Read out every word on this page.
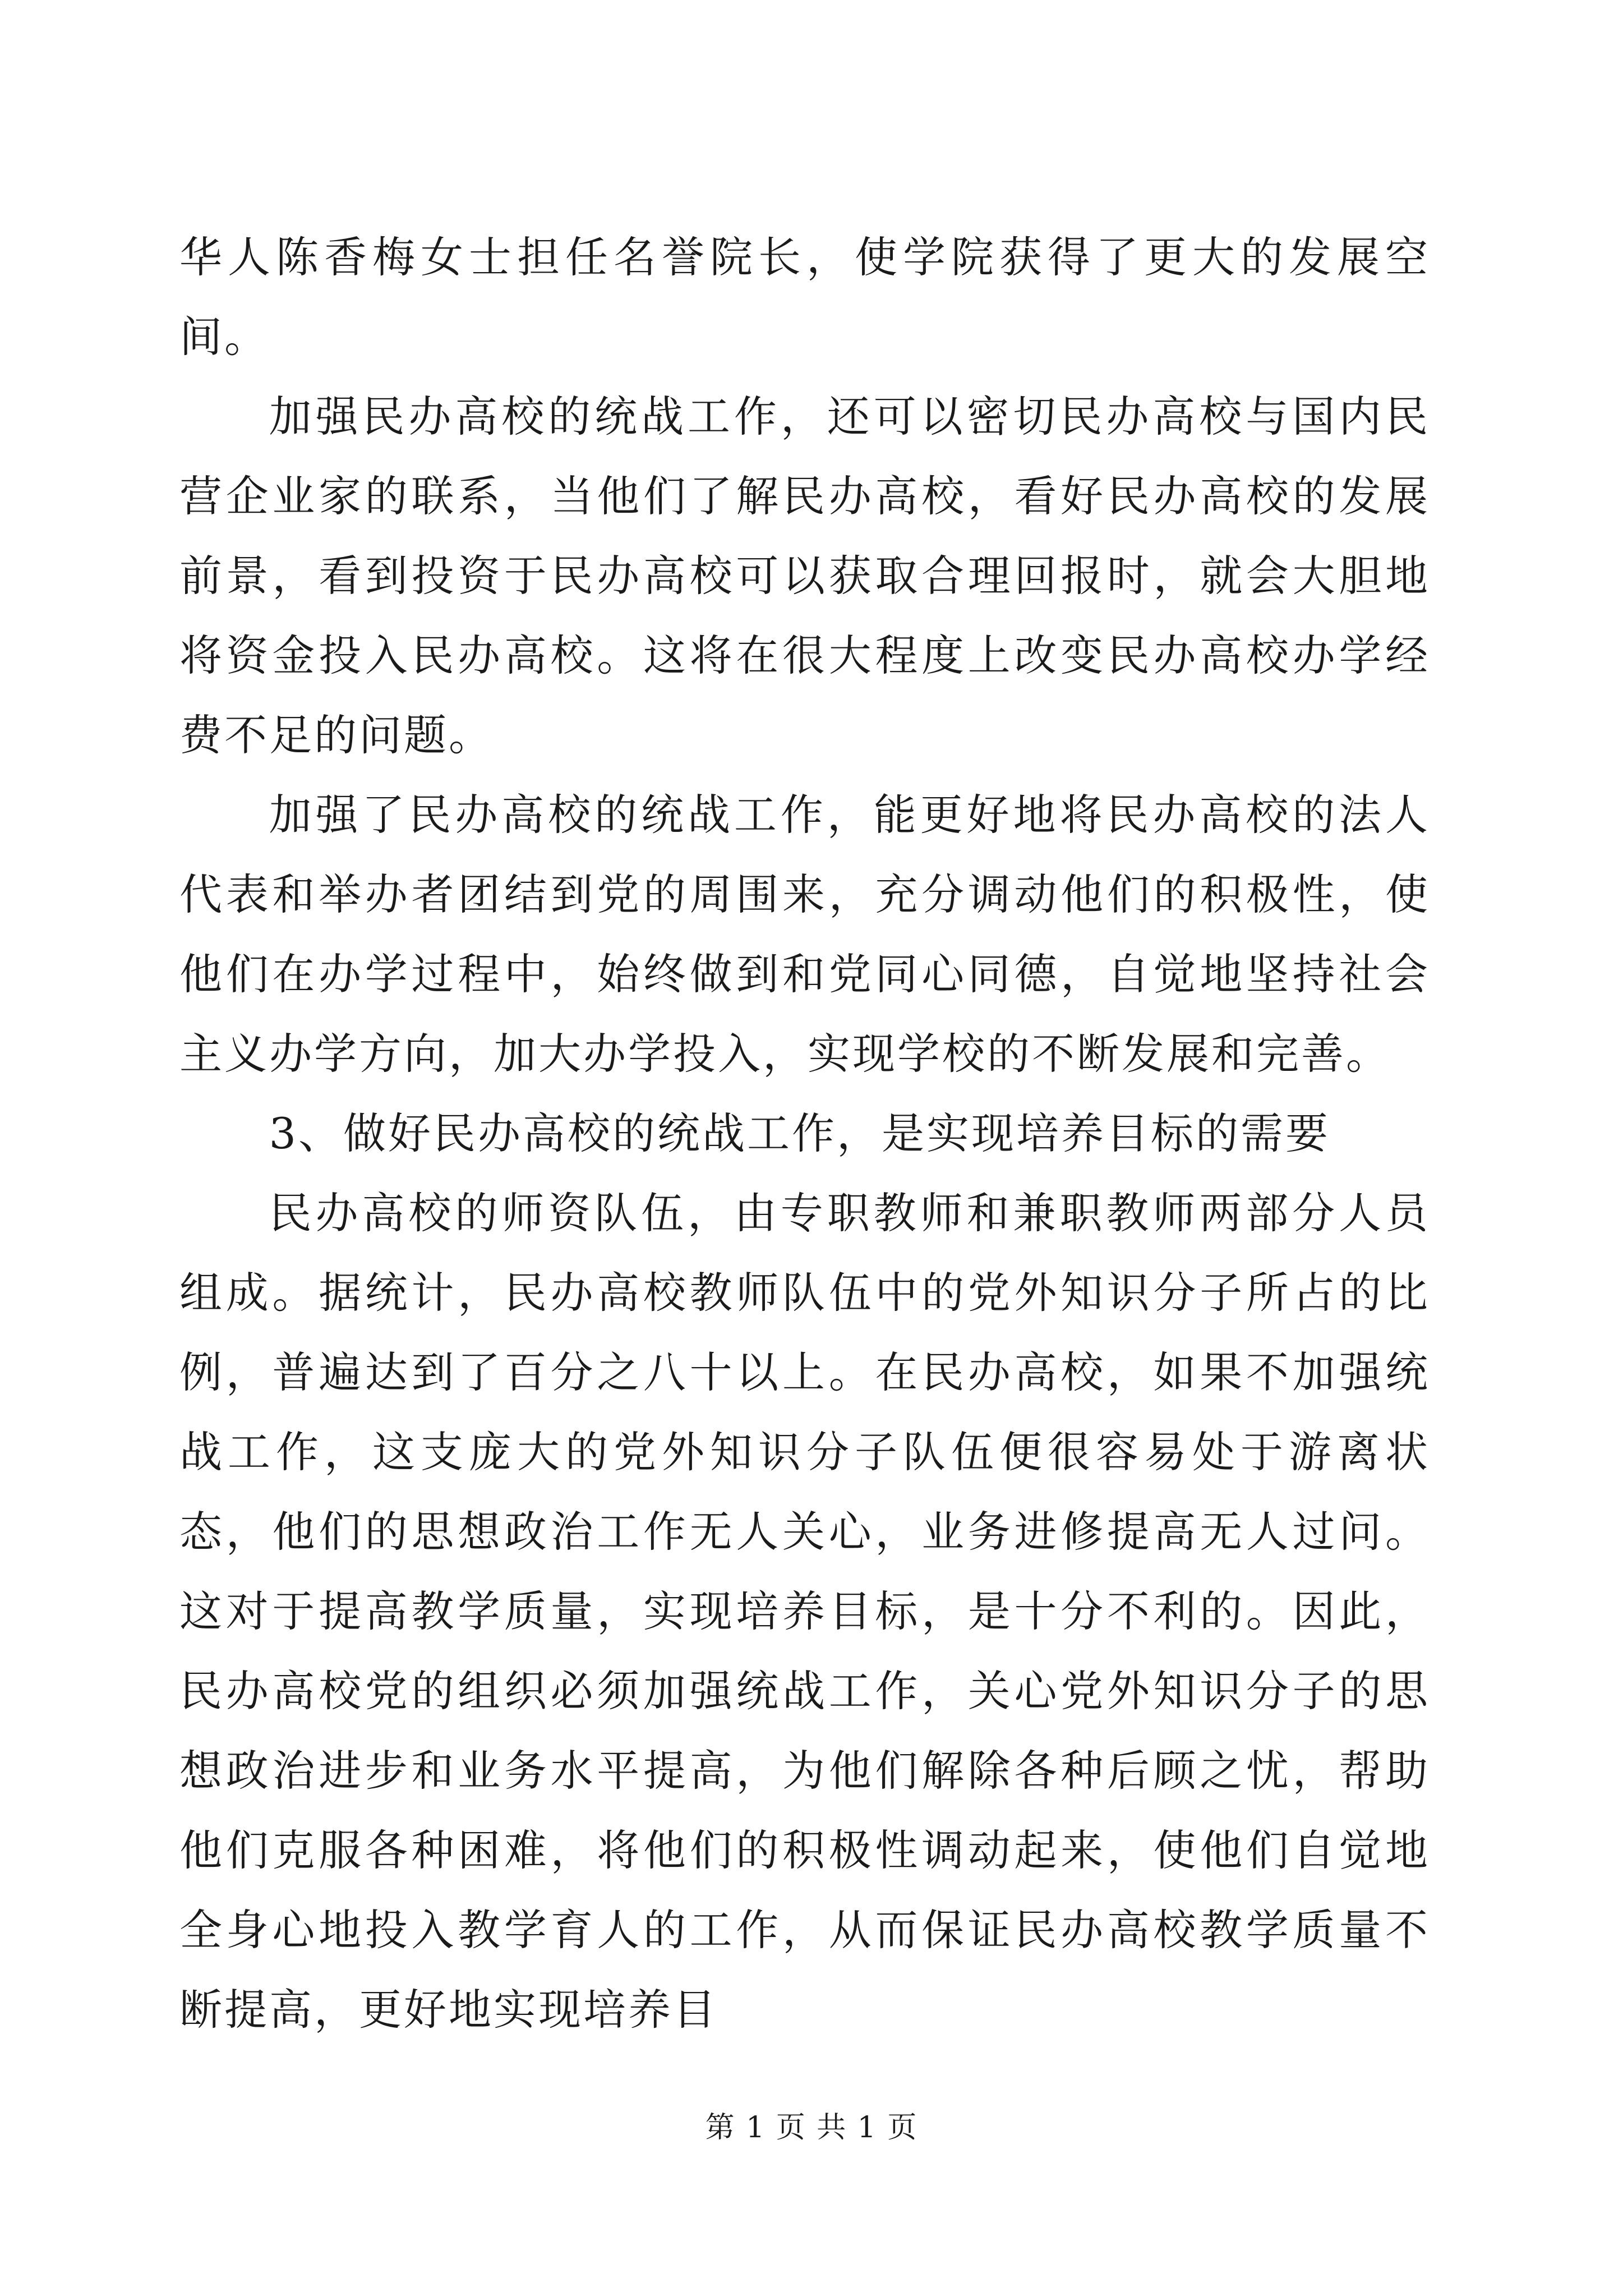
华人陈香梅女士担任名誉院长，使学院获得了更大的发展空间。

加强民办高校的统战工作，还可以密切民办高校与国内民营企业家的联系，当他们了解民办高校，看好民办高校的发展前景，看到投资于民办高校可以获取合理回报时，就会大胆地将资金投入民办高校。这将在很大程度上改变民办高校办学经费不足的问题。

加强了民办高校的统战工作，能更好地将民办高校的法人代表和举办者团结到党的周围来，充分调动他们的积极性，使他们在办学过程中，始终做到和党同心同德，自觉地坚持社会主义办学方向，加大办学投入，实现学校的不断发展和完善。

3、做好民办高校的统战工作，是实现培养目标的需要

民办高校的师资队伍，由专职教师和兼职教师两部分人员组成。据统计，民办高校教师队伍中的党外知识分子所占的比例，普遍达到了百分之八十以上。在民办高校，如果不加强统战工作，这支庞大的党外知识分子队伍便很容易处于游离状态，他们的思想政治工作无人关心，业务进修提高无人过问。这对于提高教学质量，实现培养目标，是十分不利的。因此，民办高校党的组织必须加强统战工作，关心党外知识分子的思想政治进步和业务水平提高，为他们解除各种后顾之忧，帮助他们克服各种困难，将他们的积极性调动起来，使他们自觉地全身心地投入教学育人的工作，从而保证民办高校教学质量不断提高，更好地实现培养目

第 1 页 共 1 页
